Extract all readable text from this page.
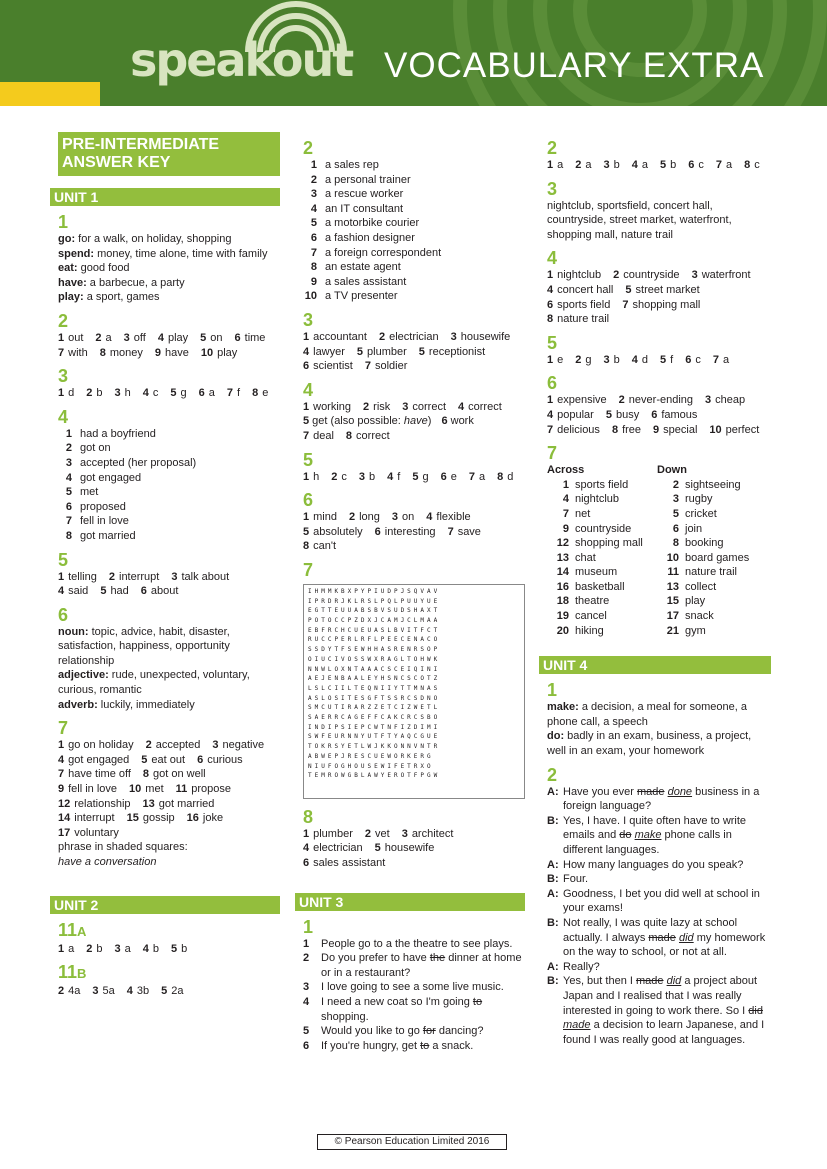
speakout VOCABULARY EXTRA
PRE-INTERMEDIATE ANSWER KEY
UNIT 1
1

go: for a walk, on holiday, shopping

spend: money, time alone, time with family

eat: good food

have: a barbecue, a party

play: a sport, games

2

1 out 2 a 3 off 4 play 5 on 6 time

7 with 8 money 9 have 10 play

3

1 d 2 b 3 h 4 c 5 g 6 a 7 f 8 e

4
1 had a boyfriend
2 got on
3 accepted (her proposal)
4 got engaged
5 met
6 proposed
7 fell in love
8 got married
5

1 telling 2 interrupt 3 talk about

4 said 5 had 6 about

6

noun: topic, advice, habit, disaster, satisfaction, happiness, opportunity relationship

adjective: rude, unexpected, voluntary, curious, romantic

adverb: luckily, immediately

7

1 go on holiday 2 accepted 3 negative

4 got engaged 5 eat out 6 curious

7 have time off 8 got on well

9 fell in love 10 met 11 propose

12 relationship 13 got married

14 interrupt 15 gossip 16 joke

17 voluntary

phrase in shaded squares:

have a conversation

UNIT 2
11A

1 a 2 b 3 a 4 b 5 b

11B

2 4a 3 5a 4 3b 5 2a

2
1 a sales rep
2 a personal trainer
3 a rescue worker
4 an IT consultant
5 a motorbike courier
6 a fashion designer
7 a foreign correspondent
8 an estate agent
9 a sales assistant
10 a TV presenter
3

1 accountant 2 electrician 3 housewife

4 lawyer 5 plumber 5 receptionist

6 scientist 7 soldier

4

1 working 2 risk 3 correct 4 correct

5 get (also possible: have) 6 work

7 deal 8 correct

5

1 h 2 c 3 b 4 f 5 g 6 e 7 a 8 d

6

1 mind 2 long 3 on 4 flexible

5 absolutely 6 interesting 7 save

8 can't

7
IHMMKBXPYPIUDPJSQVAV
IPRDRJKLRSLPQLPUUYUE
EGTTEUUABSBVSUDSHAXT
POTOCCPZDXJCAMJCLMAA
EBFRCHCUEUASLBVITFCT
RUCCPERLRFLPEECENACO
SSDYTFSEWHHASRENRSOP
OIUCIVOSSWXRAGLTOHWK
NNWLOXNTAAACSCEIQINI
AEJENBAALEYHSNCSCOTZ
LSLCIILTEQNIIYTTMNAS
ASLOSITESGFTSSRCSDNO
SMCUTIRARZZETCIZWETL
SAERRCAGEFFCAKCRCSBO
INDIPSIEPCWTNFIZDIMI
SWFEURNNYUTFTYAQCGUE
TOKRSYETLWJKKONNVNTR
ABWEPJRESCUEWORKERG
NIUFOGHOUSEWIFETRXO
TEMROWGBLAWYEROTFPGW
8

1 plumber 2 vet 3 architect

4 electrician 5 housewife

6 sales assistant

UNIT 3
1
1	People go to a the theatre to see plays.
2	Do you prefer to have the dinner at home or in a restaurant?
3	I love going to see a some live music.
4	I need a new coat so I'm going to shopping.
5	Would you like to go for dancing?
6	If you're hungry, get to a snack.
2

1 a 2 a 3 b 4 a 5 b 6 c 7 a 8 c

3

nightclub, sportsfield, concert hall, countryside, street market, waterfront, shopping mall, nature trail

4

1 nightclub 2 countryside 3 waterfront

4 concert hall 5 street market

6 sports field 7 shopping mall

8 nature trail

5

1 e 2 g 3 b 4 d 5 f 6 c 7 a

6

1 expensive 2 never-ending 3 cheap

4 popular 5 busy 6 famous

7 delicious 8 free 9 special 10 perfect

7
Across
1 sports field
4 nightclub
7 net
9 countryside
12 shopping mall
13 chat
14 museum
16 basketball
18 theatre
19 cancel
20 hiking
Down
2 sightseeing
3 rugby
5 cricket
6 join
8 booking
10 board games
11 nature trail
13 collect
15 play
17 snack
21 gym
UNIT 4
1

make: a decision, a meal for someone, a phone call, a speech

do: badly in an exam, business, a project, well in an exam, your homework

2
A: Have you ever made done business in a foreign language?
B: Yes, I have. I quite often have to write emails and do make phone calls in different languages.
A: How many languages do you speak?
B: Four.
A: Goodness, I bet you did well at school in your exams!
B: Not really, I was quite lazy at school actually. I always made did my homework on the way to school, or not at all.
A: Really?
B: Yes, but then I made did a project about Japan and I realised that I was really interested in going to work there. So I did made a decision to learn Japanese, and I found I was really good at languages.
© Pearson Education Limited 2016
